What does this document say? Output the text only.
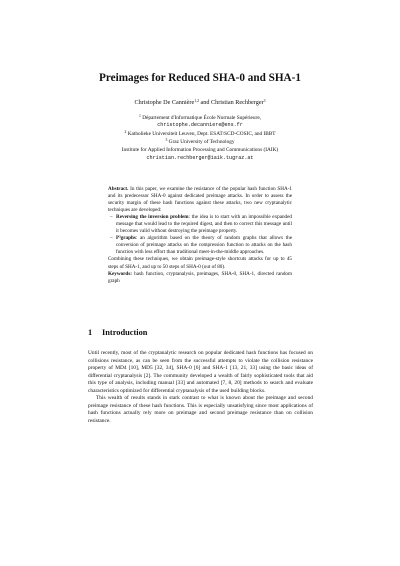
Preimages for Reduced SHA-0 and SHA-1
Christophe De Cannière$^{1,2}$ and Christian Rechberger$^3$
$^1$ Département d'Informatique École Normale Supérieure,
christophe.decanniere@ens.fr
$^2$ Katholieke Universiteit Leuven, Dept. ESAT/SCD-COSIC, and IBBT
$^3$ Graz University of Technology
Institute for Applied Information Processing and Communications (IAIK)
christian.rechberger@iaik.tugraz.at
Abstract. In this paper, we examine the resistance of the popular hash function SHA-1 and its predecessor SHA-0 against dedicated preimage attacks. In order to assess the security margin of these hash functions against these attacks, two new cryptanalytic techniques are developed:
– Reversing the inversion problem: the idea is to start with an impossible expanded message that would lead to the required digest, and then to correct this message until it becomes valid without destroying the preimage property.
– P³graphs: an algorithm based on the theory of random graphs that allows the conversion of preimage attacks on the compression function to attacks on the hash function with less effort than traditional meet-in-the-middle approaches.
Combining these techniques, we obtain preimage-style shortcuts attacks for up to 45 steps of SHA-1, and up to 50 steps of SHA-0 (out of 80).
Keywords: hash function, cryptanalysis, preimages, SHA-0, SHA-1, directed random graph
1 Introduction

Until recently, most of the cryptanalytic research on popular dedicated hash functions has focused on collisions resistance, as can be seen from the successful attempts to violate the collision resistance property of MD4 [10], MD5 [32, 34], SHA-0 [6] and SHA-1 [13, 21, 33] using the basic ideas of differential cryptanalysis [2]. The community developed a wealth of fairly sophisticated tools that aid this type of analysis, including manual [33] and automated [7, 8, 20] methods to search and evaluate characteristics optimized for differential cryptanalysis of the used building blocks.

This wealth of results stands in stark contrast to what is known about the preimage and second preimage resistance of these hash functions. This is especially unsatisfying since most applications of hash functions actually rely more on preimage and second preimage resistance than on collision resistance.
